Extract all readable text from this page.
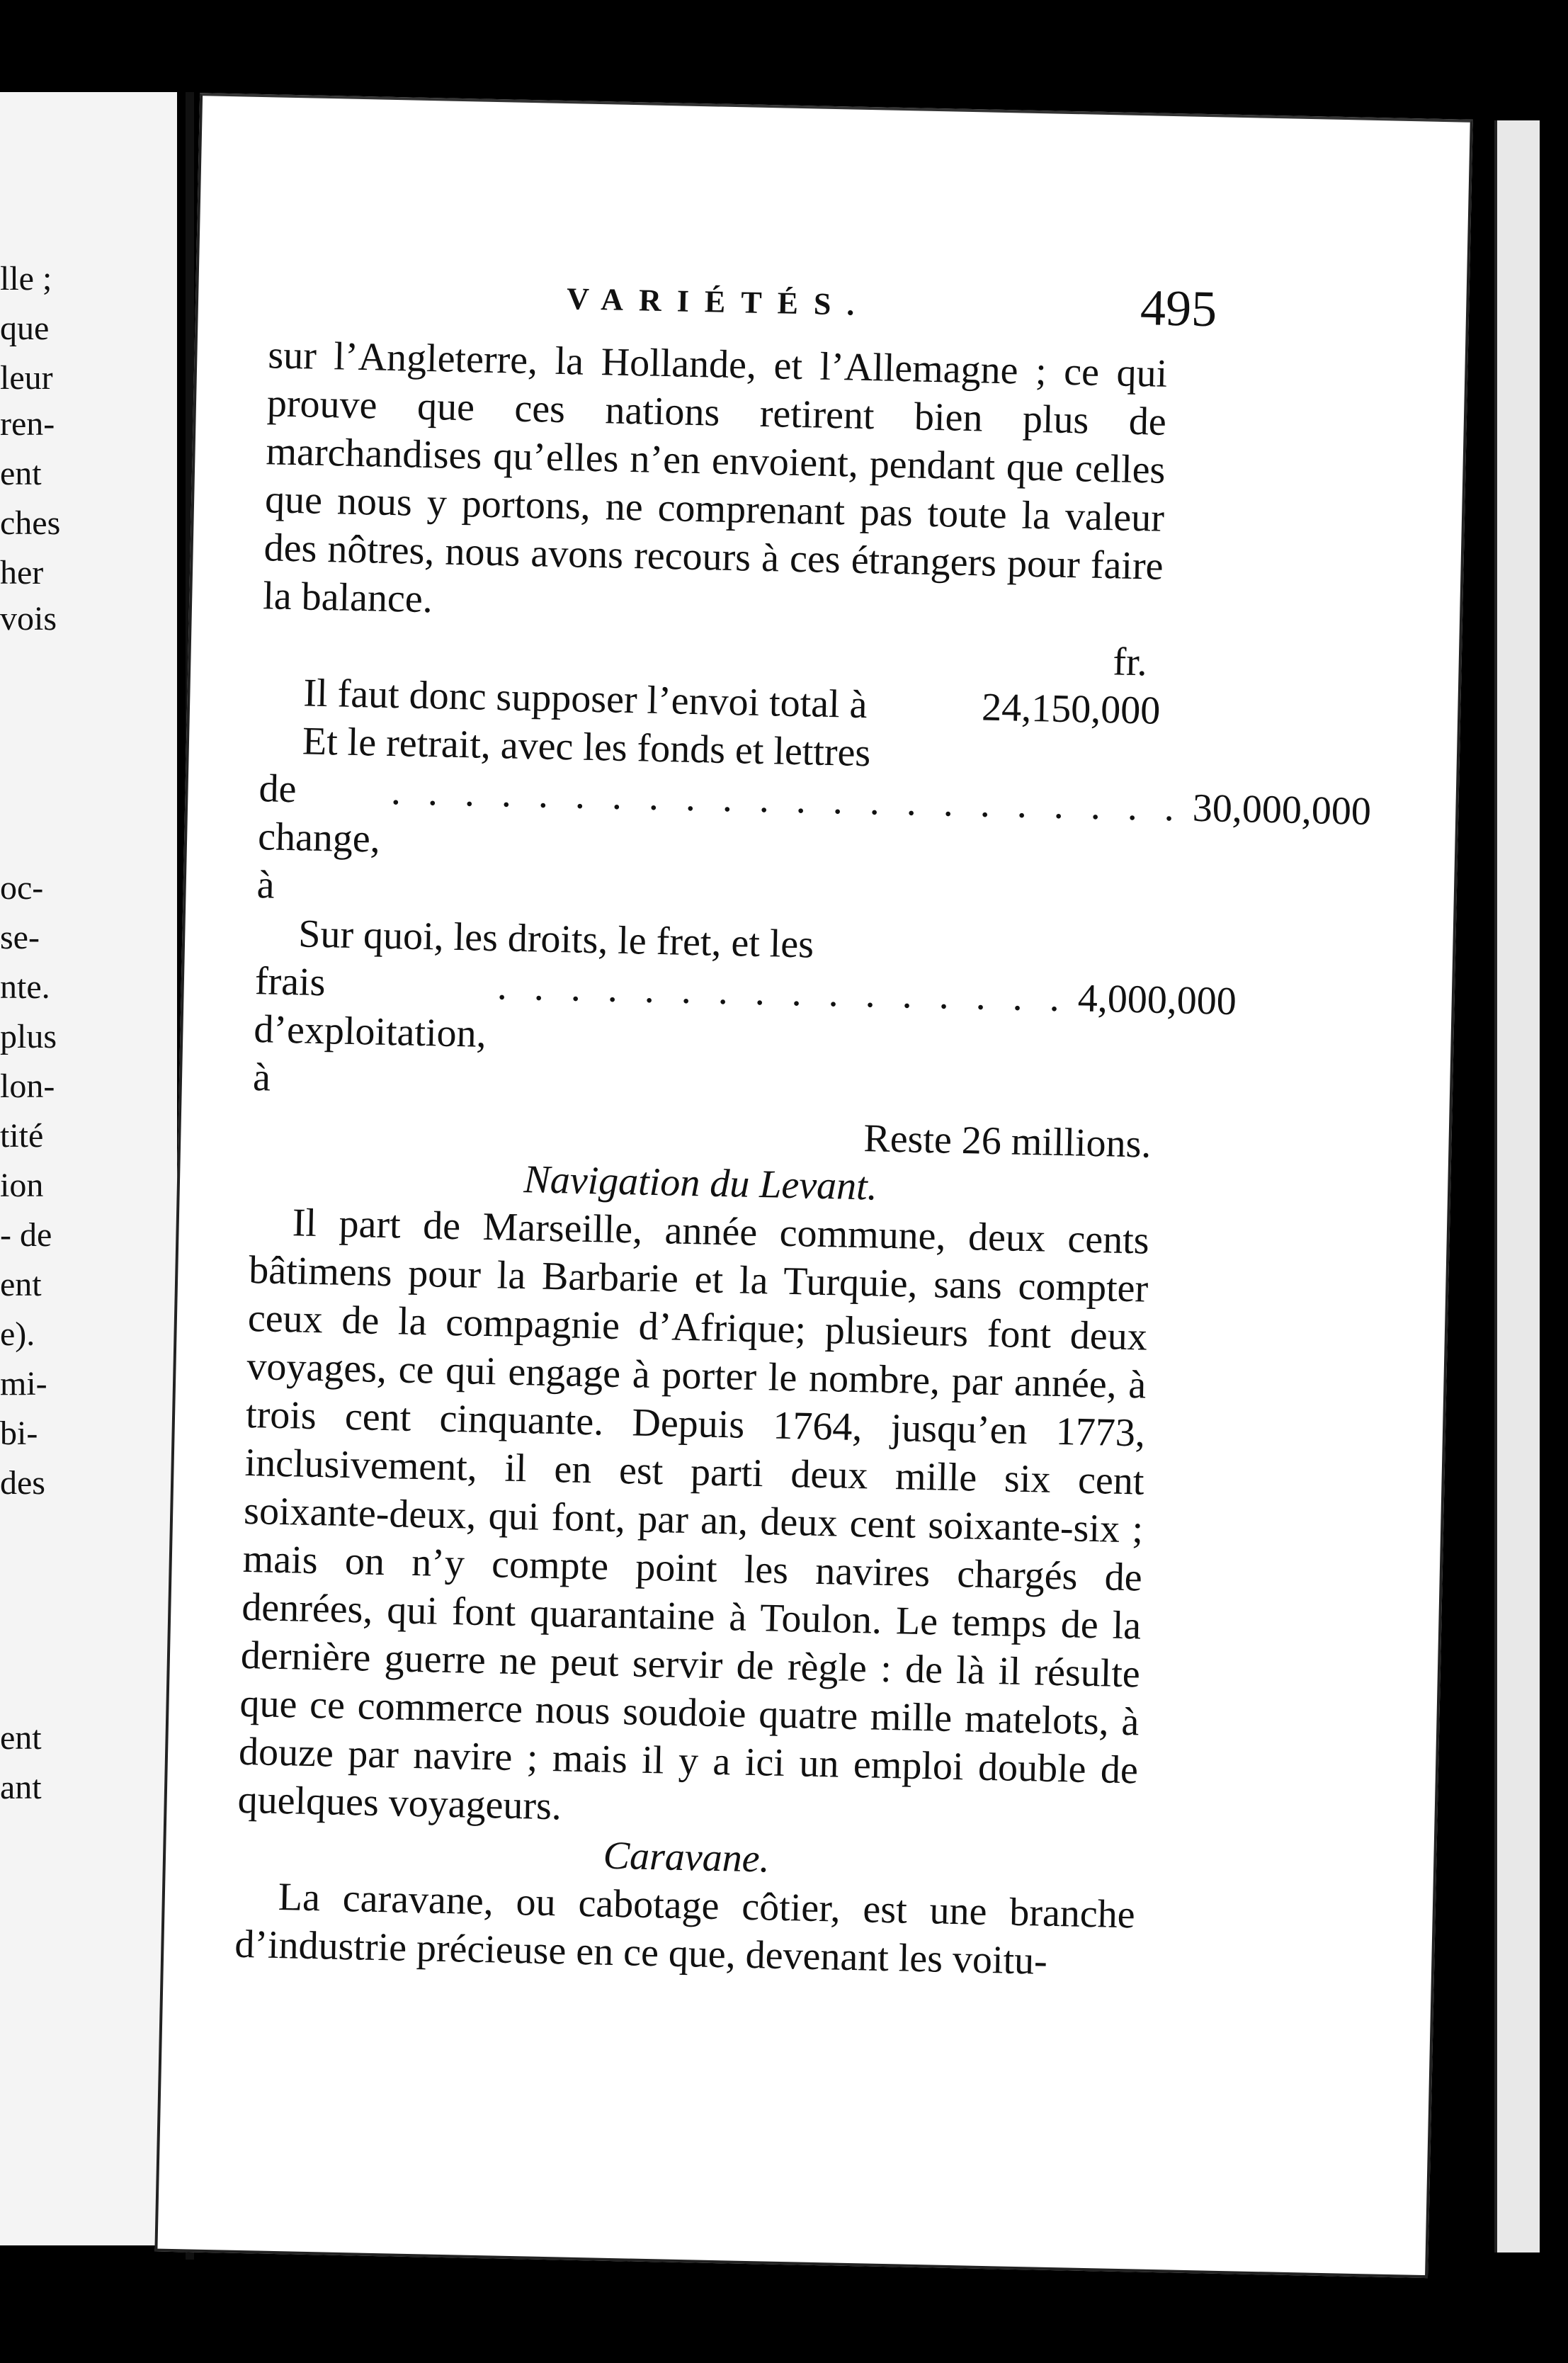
lle ;
que
leur
ren-
ent
ches
her
vois
oc-
se-
nte.
plus
lon-
tité
ion
- de
ent
e).
mi-
bi-
des
ent
ant
VARIÉTÉS.	495

sur l’Angleterre, la Hollande, et l’Allemagne ; ce qui prouve que ces nations retirent bien plus de marchandises qu’elles n’en envoient, pendant que celles que nous y portons, ne comprenant pas toute la valeur des nôtres, nous avons recours à ces étrangers pour faire la balance.

fr.

Il faut donc supposer l’envoi total à	24,150,000

Et le retrait, avec les fonds et lettres

de change, à
. . . . . . . . . . . . . . . . . . . . . . 30,000,000

Sur quoi, les droits, le fret, et les

frais d’exploitation, à
. . . . . . . . . . . . . . . . 4,000,000

Reste 26 millions.

Navigation du Levant.

Il part de Marseille, année commune, deux cents bâtimens pour la Barbarie et la Turquie, sans compter ceux de la compagnie d’Afrique; plusieurs font deux voyages, ce qui engage à porter le nombre, par année, à trois cent cinquante. Depuis 1764, jusqu’en 1773, inclusivement, il en est parti deux mille six cent soixante-deux, qui font, par an, deux cent soixante-six ; mais on n’y compte point les navires chargés de denrées, qui font quarantaine à Toulon. Le temps de la dernière guerre ne peut servir de règle : de là il résulte que ce commerce nous soudoie quatre mille matelots, à douze par navire ; mais il y a ici un emploi double de quelques voyageurs.

Caravane.

La caravane, ou cabotage côtier, est une branche d’industrie précieuse en ce que, devenant les voitu-
